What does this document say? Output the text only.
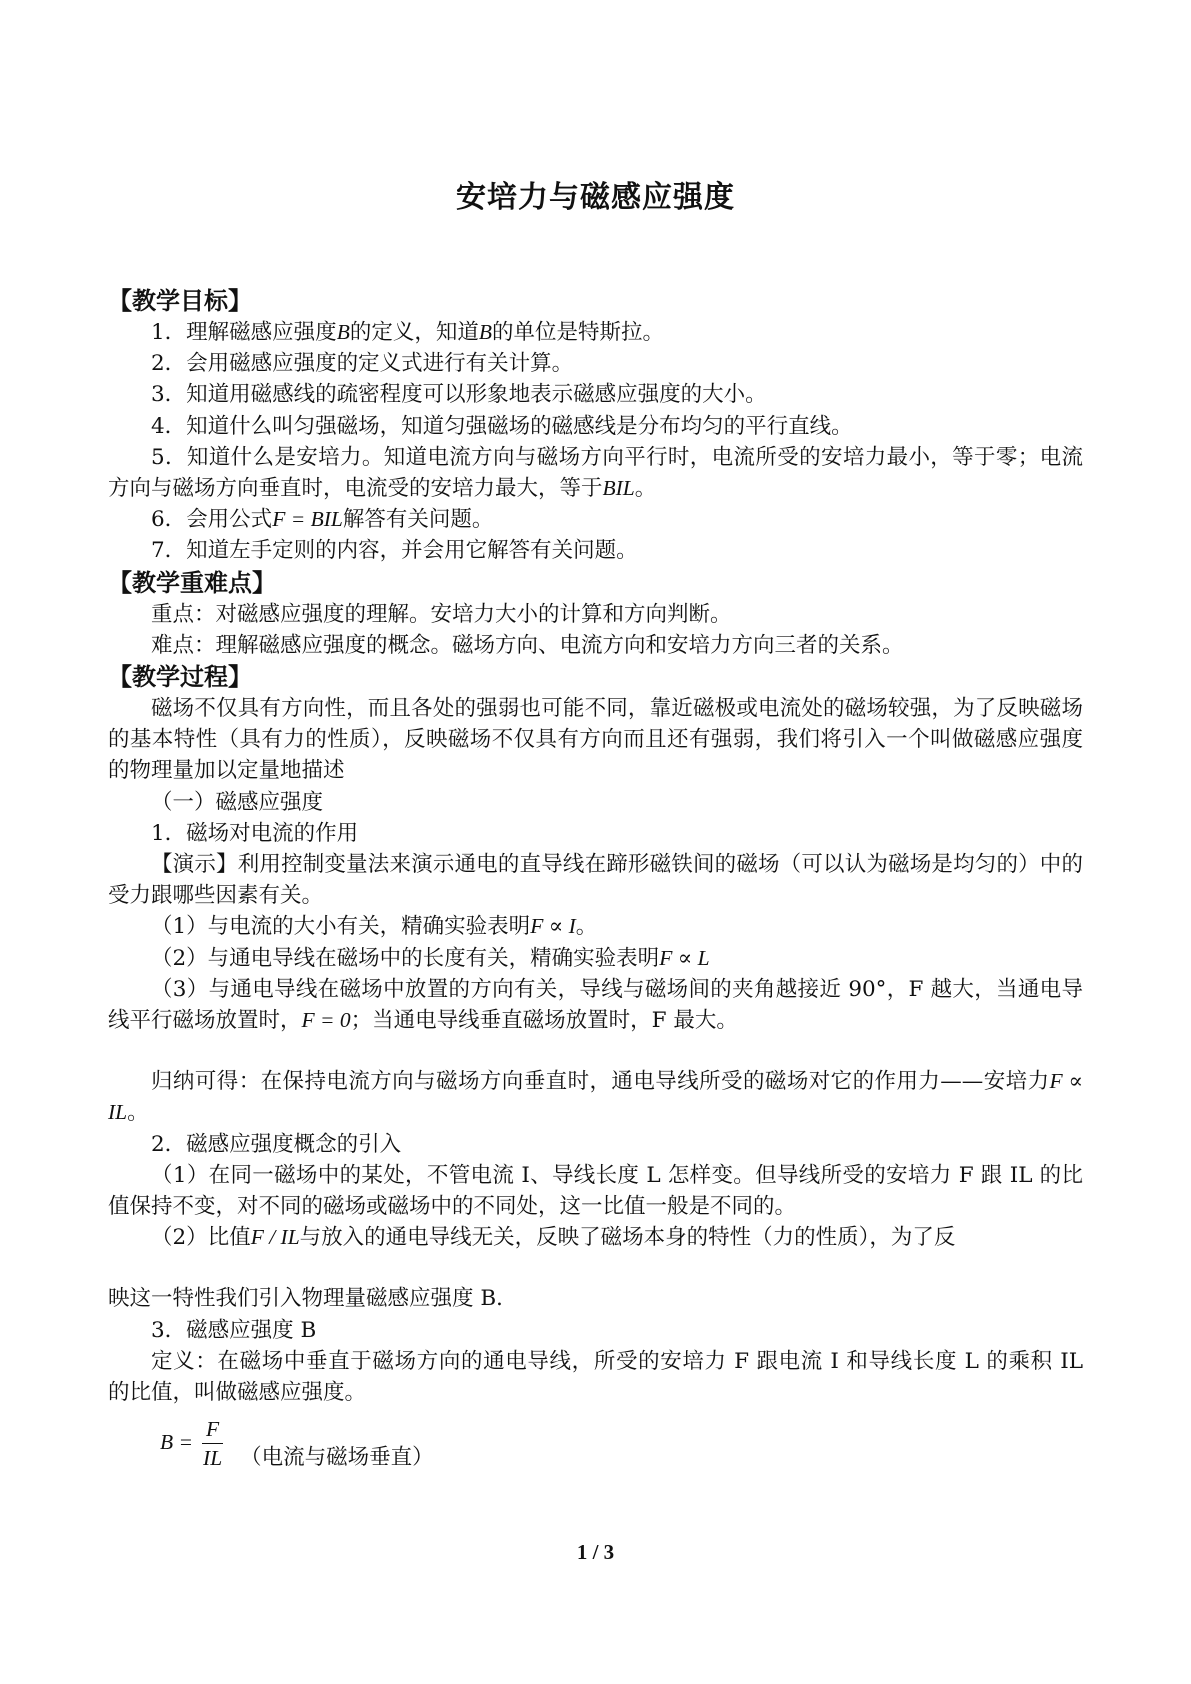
安培力与磁感应强度

【教学目标】

1．理解磁感应强度B的定义，知道B的单位是特斯拉。

2．会用磁感应强度的定义式进行有关计算。

3．知道用磁感线的疏密程度可以形象地表示磁感应强度的大小。

4．知道什么叫匀强磁场，知道匀强磁场的磁感线是分布均匀的平行直线。

5．知道什么是安培力。知道电流方向与磁场方向平行时，电流所受的安培力最小，等于零；电流方向与磁场方向垂直时，电流受的安培力最大，等于BIL。

6．会用公式F = BIL解答有关问题。

7．知道左手定则的内容，并会用它解答有关问题。

【教学重难点】

重点：对磁感应强度的理解。安培力大小的计算和方向判断。

难点：理解磁感应强度的概念。磁场方向、电流方向和安培力方向三者的关系。

【教学过程】

磁场不仅具有方向性，而且各处的强弱也可能不同，靠近磁极或电流处的磁场较强，为了反映磁场的基本特性（具有力的性质），反映磁场不仅具有方向而且还有强弱，我们将引入一个叫做磁感应强度的物理量加以定量地描述

（一）磁感应强度

1．磁场对电流的作用

【演示】利用控制变量法来演示通电的直导线在蹄形磁铁间的磁场（可以认为磁场是均匀的）中的受力跟哪些因素有关。

（1）与电流的大小有关，精确实验表明F ∝ I。

（2）与通电导线在磁场中的长度有关，精确实验表明F ∝ L

（3）与通电导线在磁场中放置的方向有关，导线与磁场间的夹角越接近 90°，F 越大，当通电导线平行磁场放置时，F = 0；当通电导线垂直磁场放置时，F 最大。

归纳可得：在保持电流方向与磁场方向垂直时，通电导线所受的磁场对它的作用力——安培力F ∝ IL。

2．磁感应强度概念的引入

（1）在同一磁场中的某处，不管电流 I、导线长度 L 怎样变。但导线所受的安培力 F 跟 IL 的比值保持不变，对不同的磁场或磁场中的不同处，这一比值一般是不同的。

（2）比值F / IL与放入的通电导线无关，反映了磁场本身的特性（力的性质），为了反

映这一特性我们引入物理量磁感应强度 B．

3．磁感应强度 B

定义：在磁场中垂直于磁场方向的通电导线，所受的安培力 F 跟电流 I 和导线长度 L 的乘积 IL 的比值，叫做磁感应强度。

$B = \frac{F}{IL}$ （电流与磁场垂直）
1 / 3
